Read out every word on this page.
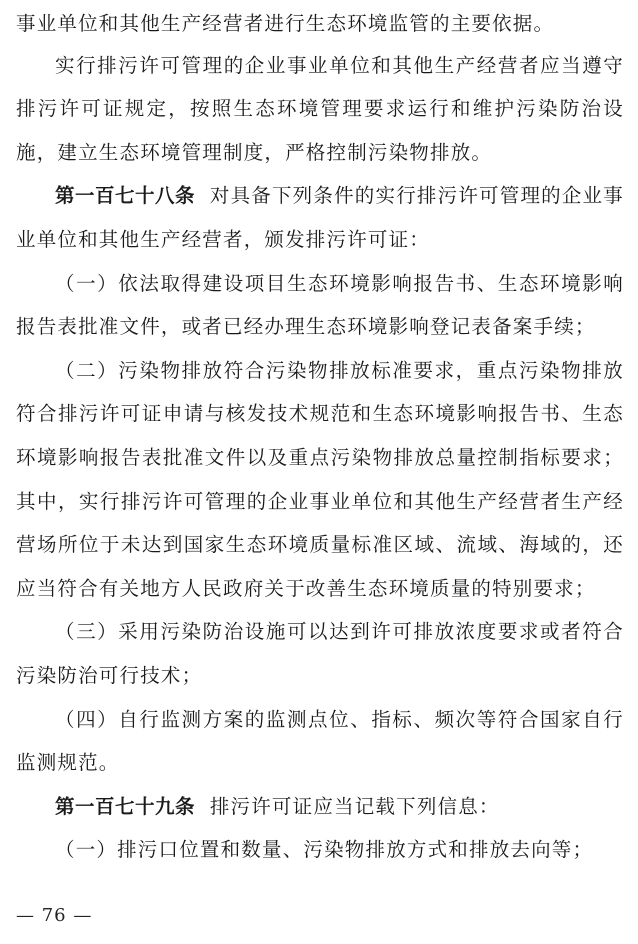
事业单位和其他生产经营者进行生态环境监管的主要依据。

实行排污许可管理的企业事业单位和其他生产经营者应当遵守排污许可证规定，按照生态环境管理要求运行和维护污染防治设施，建立生态环境管理制度，严格控制污染物排放。

第一百七十八条 对具备下列条件的实行排污许可管理的企业事业单位和其他生产经营者，颁发排污许可证：

（一）依法取得建设项目生态环境影响报告书、生态环境影响报告表批准文件，或者已经办理生态环境影响登记表备案手续；

（二）污染物排放符合污染物排放标准要求，重点污染物排放符合排污许可证申请与核发技术规范和生态环境影响报告书、生态环境影响报告表批准文件以及重点污染物排放总量控制指标要求；其中，实行排污许可管理的企业事业单位和其他生产经营者生产经营场所位于未达到国家生态环境质量标准区域、流域、海域的，还应当符合有关地方人民政府关于改善生态环境质量的特别要求；

（三）采用污染防治设施可以达到许可排放浓度要求或者符合污染防治可行技术；

（四）自行监测方案的监测点位、指标、频次等符合国家自行监测规范。

第一百七十九条 排污许可证应当记载下列信息：

（一）排污口位置和数量、污染物排放方式和排放去向等；

— 76 —
